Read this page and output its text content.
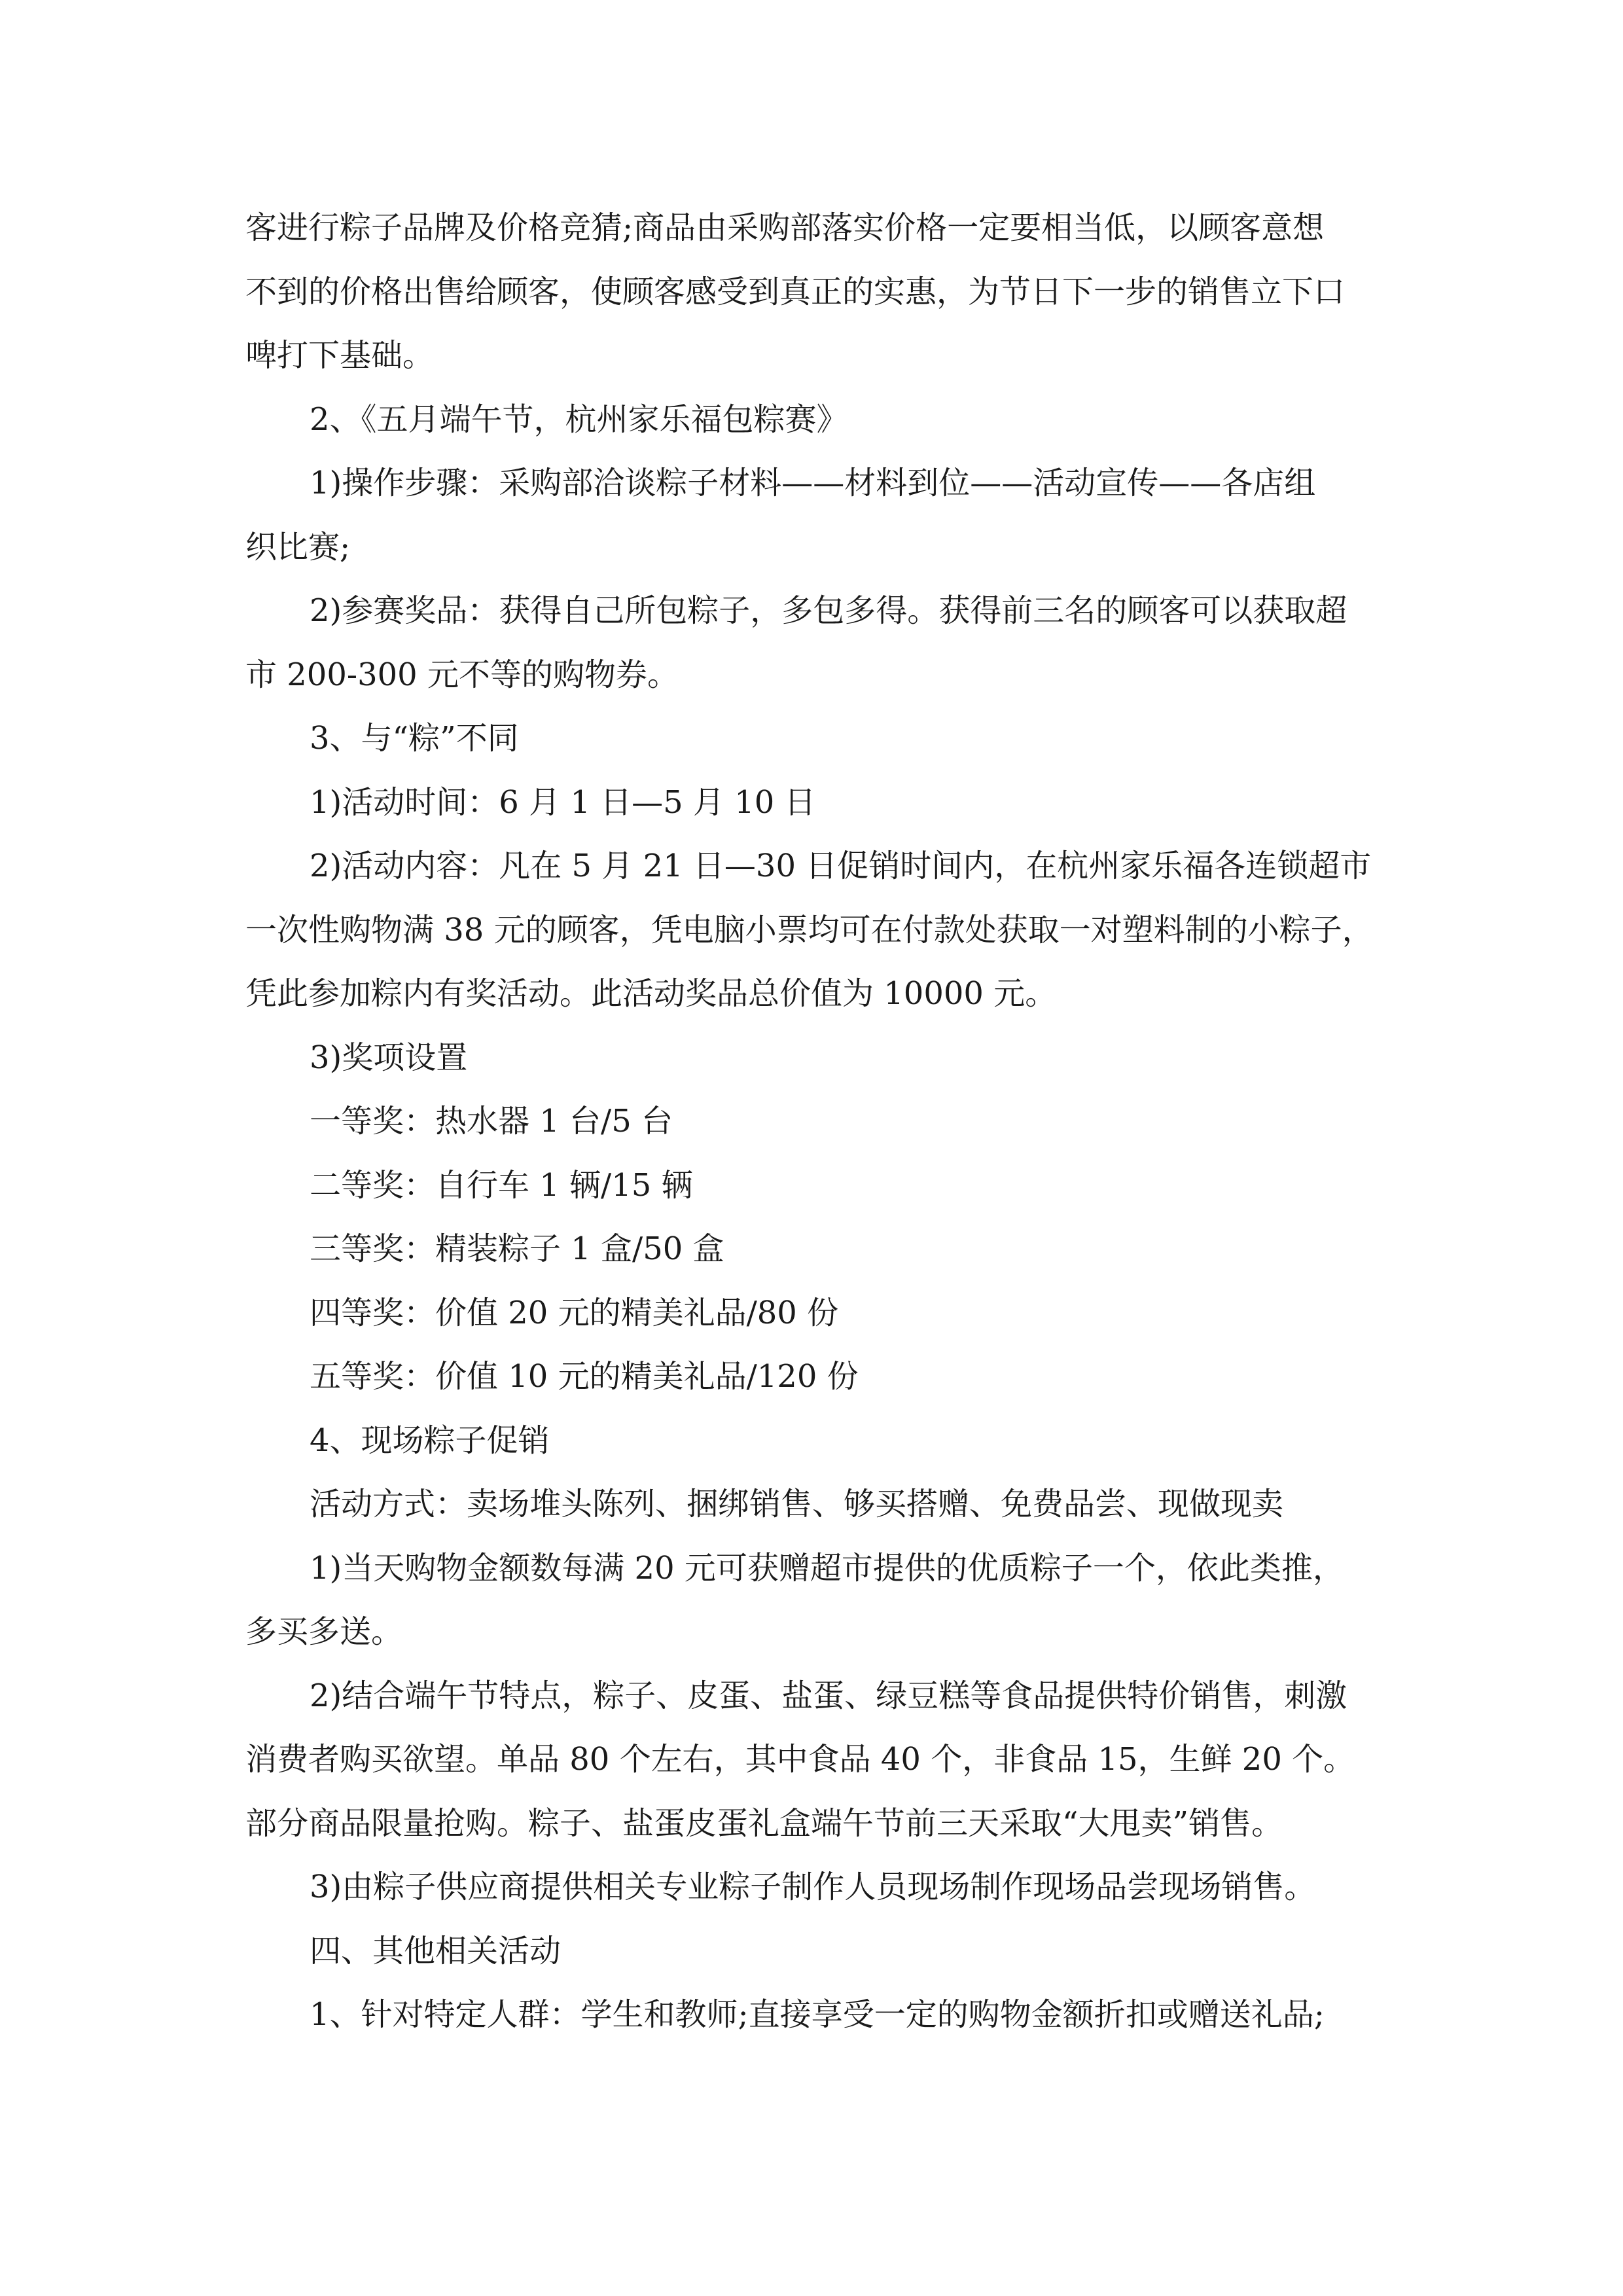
客进行粽子品牌及价格竞猜;商品由采购部落实价格一定要相当低，以顾客意想
不到的价格出售给顾客，使顾客感受到真正的实惠，为节日下一步的销售立下口
啤打下基础。
2、《五月端午节，杭州家乐福包粽赛》
1)操作步骤：采购部洽谈粽子材料——材料到位——活动宣传——各店组
织比赛;
2)参赛奖品：获得自己所包粽子，多包多得。获得前三名的顾客可以获取超
市 200-300 元不等的购物券。
3、与“粽”不同
1)活动时间：6 月 1 日—5 月 10 日
2)活动内容：凡在 5 月 21 日—30 日促销时间内，在杭州家乐福各连锁超市
一次性购物满 38 元的顾客，凭电脑小票均可在付款处获取一对塑料制的小粽子，
凭此参加粽内有奖活动。此活动奖品总价值为 10000 元。
3)奖项设置
一等奖：热水器 1 台/5 台
二等奖：自行车 1 辆/15 辆
三等奖：精装粽子 1 盒/50 盒
四等奖：价值 20 元的精美礼品/80 份
五等奖：价值 10 元的精美礼品/120 份
4、现场粽子促销
活动方式：卖场堆头陈列、捆绑销售、够买搭赠、免费品尝、现做现卖
1)当天购物金额数每满 20 元可获赠超市提供的优质粽子一个，依此类推，
多买多送。
2)结合端午节特点，粽子、皮蛋、盐蛋、绿豆糕等食品提供特价销售，刺激
消费者购买欲望。单品 80 个左右，其中食品 40 个，非食品 15，生鲜 20 个。
部分商品限量抢购。粽子、盐蛋皮蛋礼盒端午节前三天采取“大甩卖”销售。
3)由粽子供应商提供相关专业粽子制作人员现场制作现场品尝现场销售。
四、其他相关活动
1、针对特定人群：学生和教师;直接享受一定的购物金额折扣或赠送礼品;
